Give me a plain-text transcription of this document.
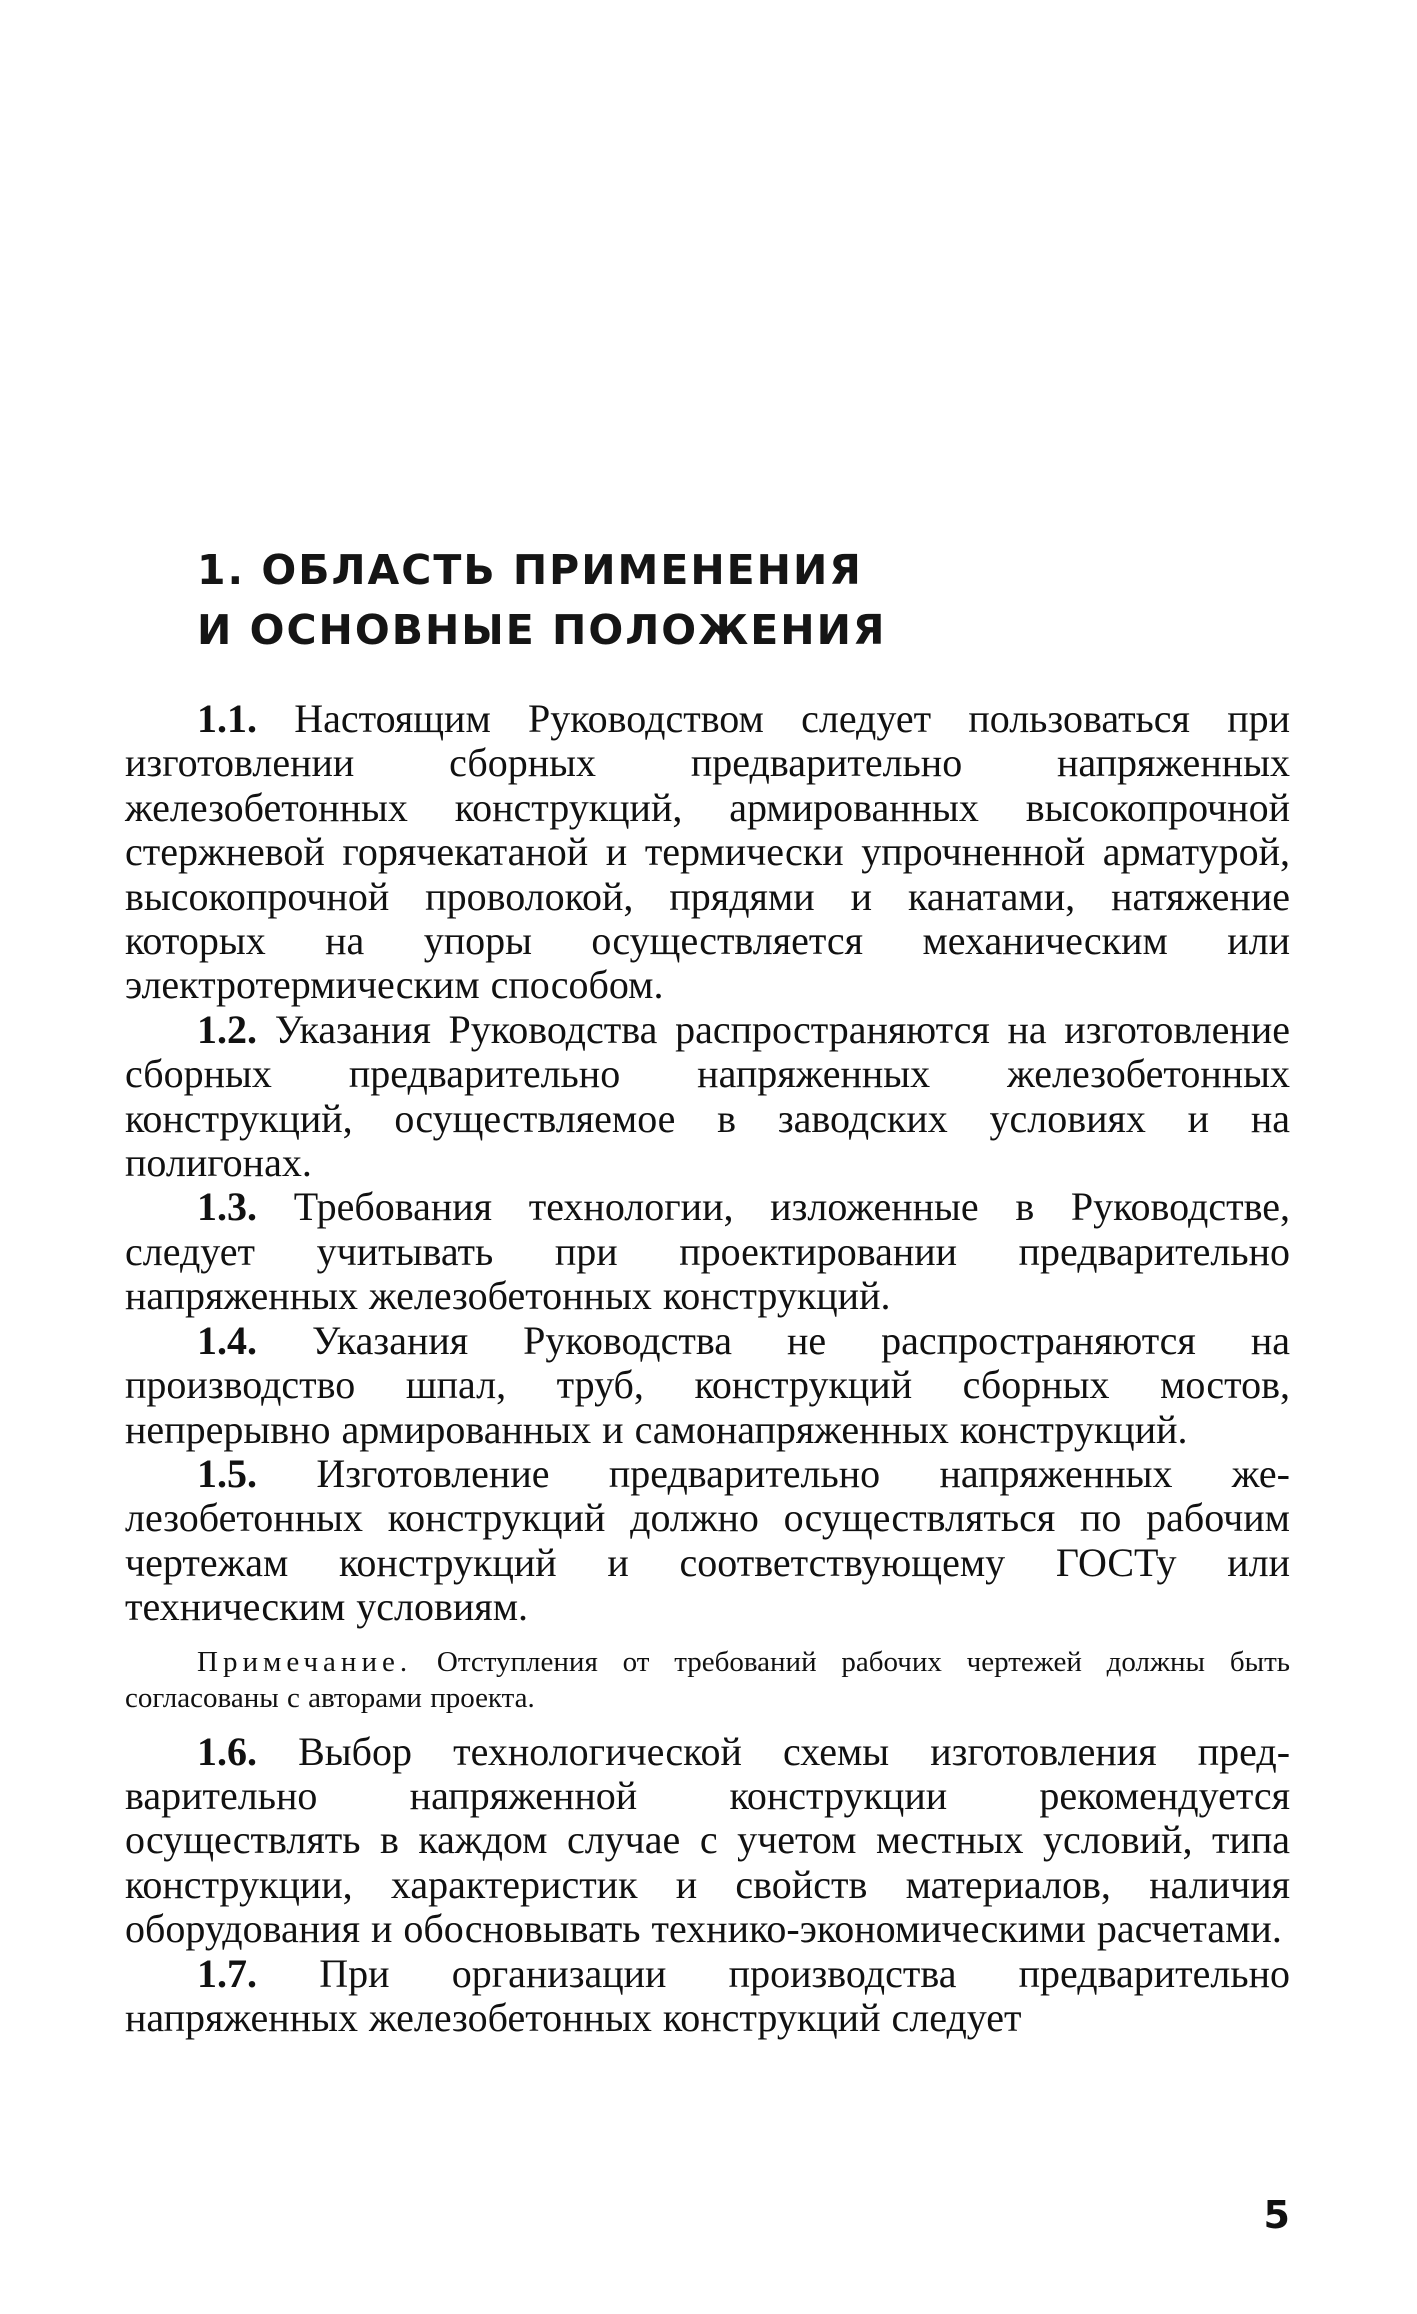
1. ОБЛАСТЬ ПРИМЕНЕНИЯ
И ОСНОВНЫЕ ПОЛОЖЕНИЯ

1.1. Настоящим Руководством следует пользоваться при изготовлении сборных предварительно напряженных железобетонных конструкций, армированных высокопрочной стержневой горячекатаной и термически упрочненной арматурой, высокопрочной проволокой, прядями и канатами, натяжение которых на упоры осуществляется механическим или электротермическим способом.

1.2. Указания Руководства распространяются на изготовление сборных предварительно напряженных железобетонных конструкций, осуществляемое в заводских условиях и на полигонах.

1.3. Требования технологии, изложенные в Руководстве, следует учитывать при проектировании предварительно напряженных железобетонных конструкций.

1.4. Указания Руководства не распространяются на производство шпал, труб, конструкций сборных мостов, непрерывно армированных и самонапряженных конструкций.

1.5. Изготовление предварительно напряженных железобетонных конструкций должно осуществляться по рабочим чертежам конструкций и соответствующему ГОСТу или техническим условиям.

Примечание. Отступления от требований рабочих чертежей должны быть согласованы с авторами проекта.

1.6. Выбор технологической схемы изготовления предварительно напряженной конструкции рекомендуется осуществлять в каждом случае с учетом местных условий, типа конструкции, характеристик и свойств материалов, наличия оборудования и обосновывать технико-экономическими расчетами.

1.7. При организации производства предварительно напряженных железобетонных конструкций следует

5
